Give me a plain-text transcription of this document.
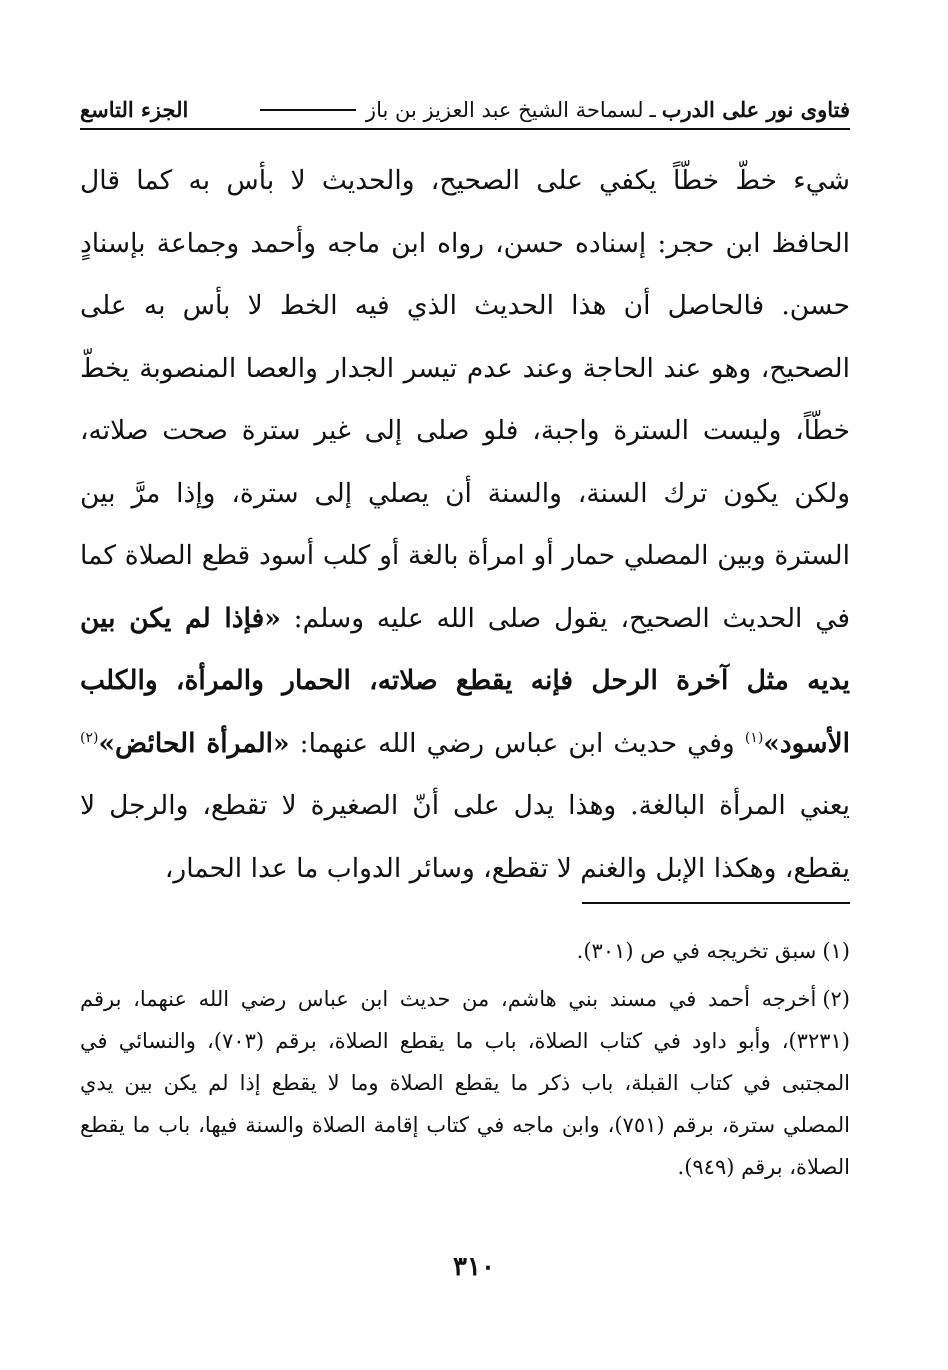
فتاوى نور على الدرب
ـ
لسماحة الشيخ عبد العزيز بن باز
الجزء التاسع

شيء خطّ خطّاً يكفي على الصحيح، والحديث لا بأس به كما قال الحافظ ابن حجر: إسناده حسن، رواه ابن ماجه وأحمد وجماعة بإسنادٍ حسن. فالحاصل أن هذا الحديث الذي فيه الخط لا بأس به على الصحيح، وهو عند الحاجة وعند عدم تيسر الجدار والعصا المنصوبة يخطّ خطّاً، وليست السترة واجبة، فلو صلى إلى غير سترة صحت صلاته، ولكن يكون ترك السنة، والسنة أن يصلي إلى سترة، وإذا مرَّ بين السترة وبين المصلي حمار أو امرأة بالغة أو كلب أسود قطع الصلاة كما في الحديث الصحيح، يقول صلى الله عليه وسلم: «فإذا لم يكن بين يديه مثل آخرة الرحل فإنه يقطع صلاته، الحمار والمرأة، والكلب الأسود»$^{(١)}$ وفي حديث ابن عباس رضي الله عنهما: «المرأة الحائض»$^{(٢)}$ يعني المرأة البالغة. وهذا يدل على أنّ الصغيرة لا تقطع، والرجل لا يقطع، وهكذا الإبل والغنم لا تقطع، وسائر الدواب ما عدا الحمار،

(١)سبق تخريجه في ص (٣٠١).

(٢)أخرجه أحمد في مسند بني هاشم، من حديث ابن عباس رضي الله عنهما، برقم (٣٢٣١)، وأبو داود في كتاب الصلاة، باب ما يقطع الصلاة، برقم (٧٠٣)، والنسائي في المجتبى في كتاب القبلة، باب ذكر ما يقطع الصلاة وما لا يقطع إذا لم يكن بين يدي المصلي سترة، برقم (٧٥١)، وابن ماجه في كتاب إقامة الصلاة والسنة فيها، باب ما يقطع الصلاة، برقم (٩٤٩).

٣١٠
